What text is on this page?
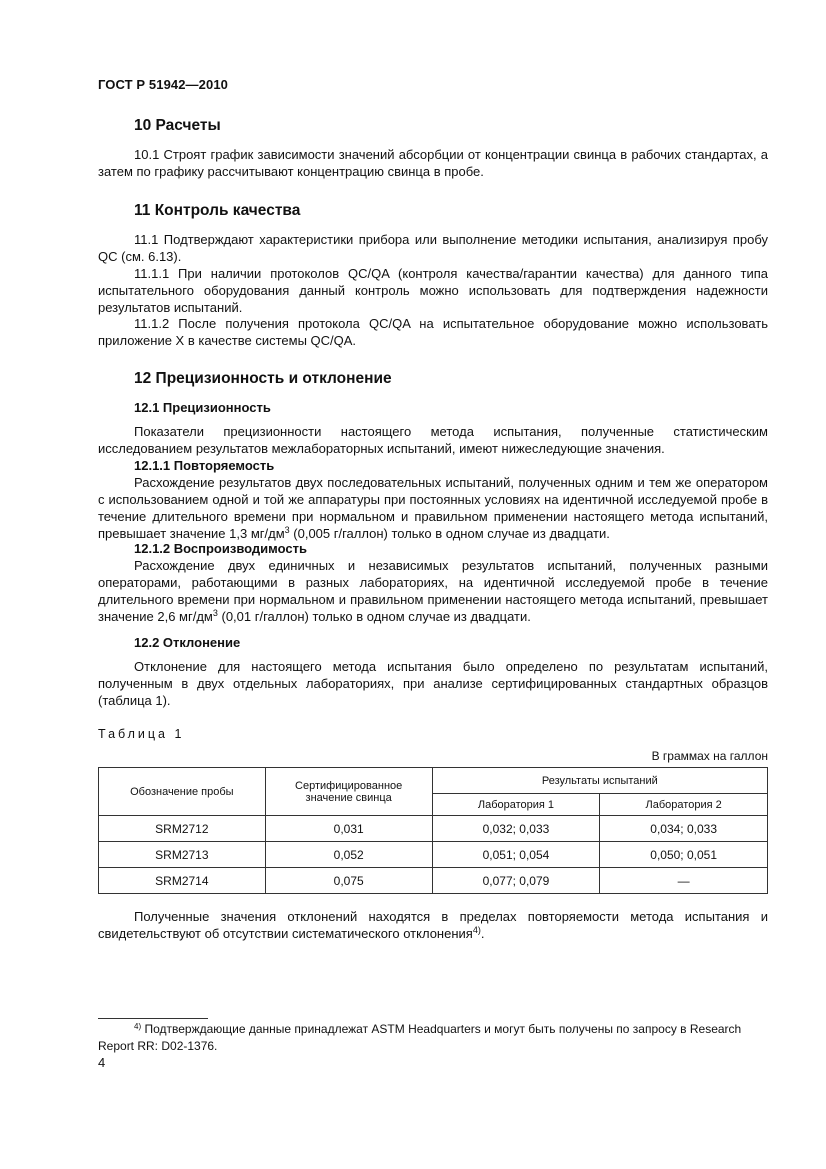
ГОСТ Р 51942—2010
10 Расчеты
10.1 Строят график зависимости значений абсорбции от концентрации свинца в рабочих стандартах, а затем по графику рассчитывают концентрацию свинца в пробе.
11 Контроль качества
11.1 Подтверждают характеристики прибора или выполнение методики испытания, анализируя пробу QC (см. 6.13).
11.1.1 При наличии протоколов QC/QA (контроля качества/гарантии качества) для данного типа испытательного оборудования данный контроль можно использовать для подтверждения надежности результатов испытаний.
11.1.2 После получения протокола QC/QA на испытательное оборудование можно использовать приложение X в качестве системы QC/QA.
12 Прецизионность и отклонение
12.1 Прецизионность
Показатели прецизионности настоящего метода испытания, полученные статистическим исследованием результатов межлабораторных испытаний, имеют нижеследующие значения.
12.1.1 Повторяемость
Расхождение результатов двух последовательных испытаний, полученных одним и тем же оператором с использованием одной и той же аппаратуры при постоянных условиях на идентичной исследуемой пробе в течение длительного времени при нормальном и правильном применении настоящего метода испытаний, превышает значение 1,3 $мг/дм^3$ (0,005 г/галлон) только в одном случае из двадцати.
12.1.2 Воспроизводимость
Расхождение двух единичных и независимых результатов испытаний, полученных разными операторами, работающими в разных лабораториях, на идентичной исследуемой пробе в течение длительного времени при нормальном и правильном применении настоящего метода испытаний, превышает значение 2,6 $мг/дм^3$ (0,01 г/галлон) только в одном случае из двадцати.
12.2 Отклонение
Отклонение для настоящего метода испытания было определено по результатам испытаний, полученным в двух отдельных лабораториях, при анализе сертифицированных стандартных образцов (таблица 1).
Таблица 1
В граммах на галлон
Обозначение пробы	Сертифицированное значение свинца	Результаты испытаний	
		Лаборатория 1	Лаборатория 2
SRM2712	0,031	0,032; 0,033	0,034; 0,033
SRM2713	0,052	0,051; 0,054	0,050; 0,051
SRM2714	0,075	0,077; 0,079	—
Полученные значения отклонений находятся в пределах повторяемости метода испытания и свидетельствуют об отсутствии систематического отклонения$^{4)}$.
$^{4)}$ Подтверждающие данные принадлежат ASTM Headquarters и могут быть получены по запросу в Research Report RR: D02-1376.
4
